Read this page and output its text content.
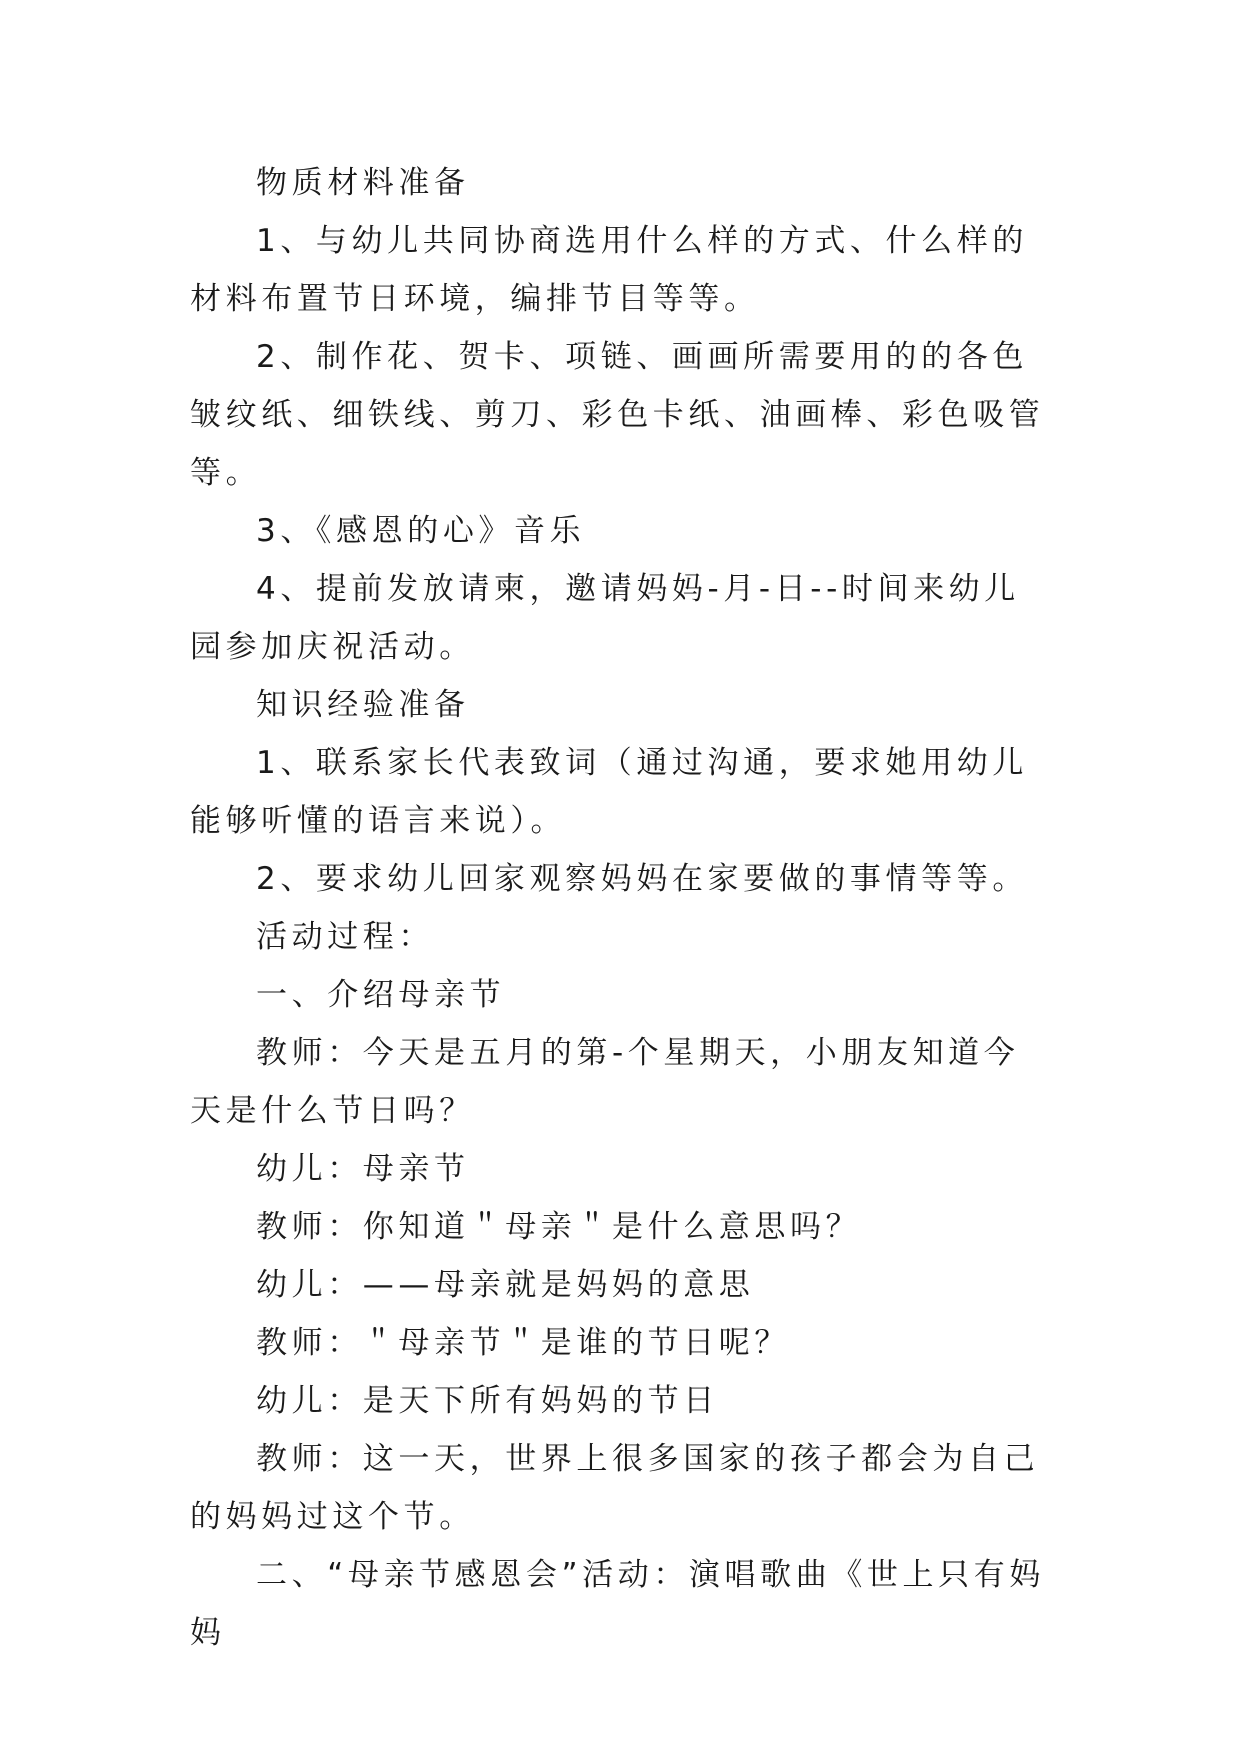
物质材料准备

1、与幼儿共同协商选用什么样的方式、什么样的材料布置节日环境，编排节目等等。

2、制作花、贺卡、项链、画画所需要用的的各色皱纹纸、细铁线、剪刀、彩色卡纸、油画棒、彩色吸管等。

3、《感恩的心》音乐

4、提前发放请柬，邀请妈妈-月-日--时间来幼儿园参加庆祝活动。

知识经验准备

1、联系家长代表致词（通过沟通，要求她用幼儿能够听懂的语言来说）。

2、要求幼儿回家观察妈妈在家要做的事情等等。

活动过程：

一、介绍母亲节

教师：今天是五月的第-个星期天，小朋友知道今天是什么节日吗？

幼儿：母亲节

教师：你知道＂母亲＂是什么意思吗？

幼儿：——母亲就是妈妈的意思

教师：＂母亲节＂是谁的节日呢？

幼儿：是天下所有妈妈的节日

教师：这一天，世界上很多国家的孩子都会为自己的妈妈过这个节。

二、“母亲节感恩会”活动：演唱歌曲《世上只有妈妈
